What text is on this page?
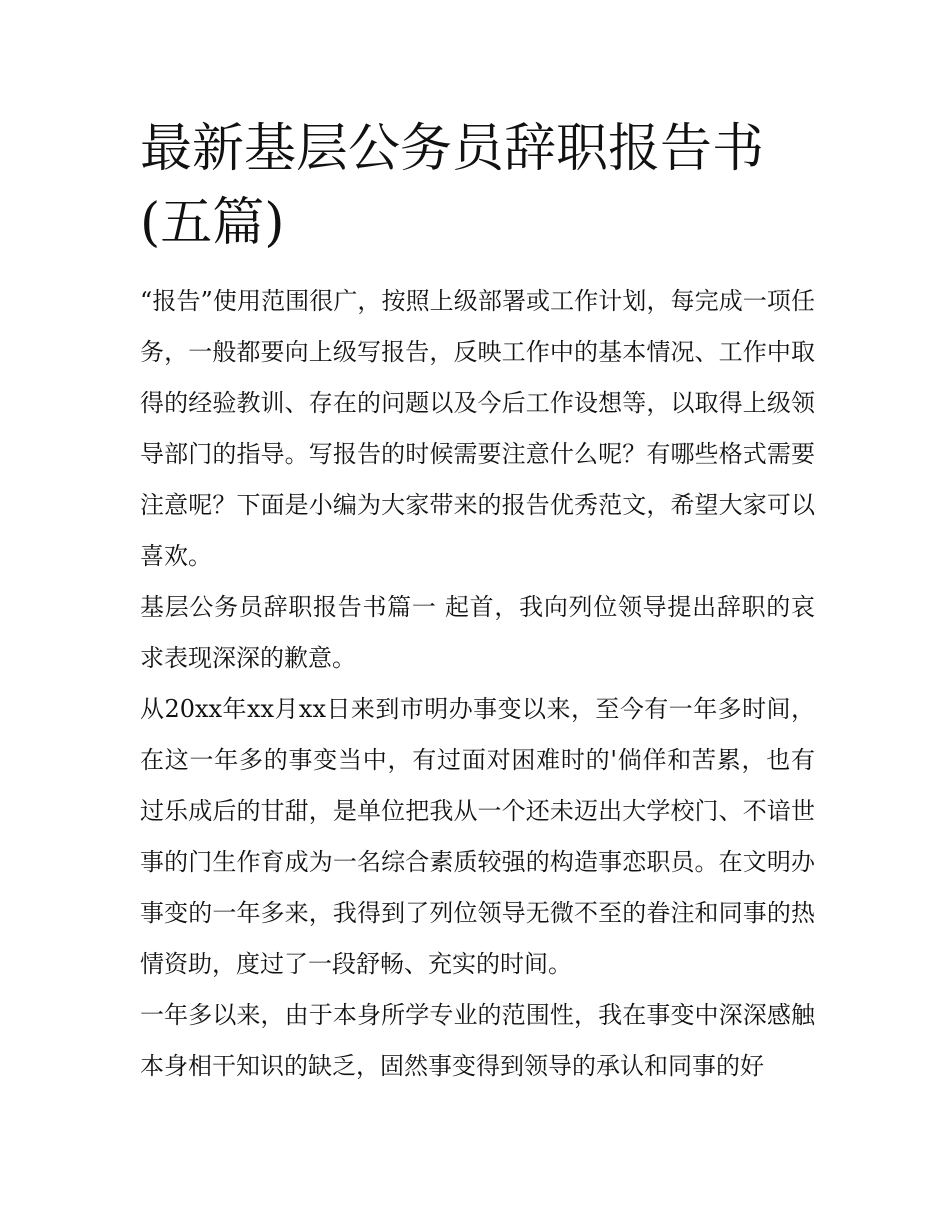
最新基层公务员辞职报告书(五篇)

“报告”使用范围很广，按照上级部署或工作计划，每完成一项任务，一般都要向上级写报告，反映工作中的基本情况、工作中取得的经验教训、存在的问题以及今后工作设想等，以取得上级领导部门的指导。写报告的时候需要注意什么呢？有哪些格式需要注意呢？下面是小编为大家带来的报告优秀范文，希望大家可以喜欢。

基层公务员辞职报告书篇一 起首，我向列位领导提出辞职的哀求表现深深的歉意。

从20xx年xx月xx日来到市明办事变以来，至今有一年多时间，在这一年多的事变当中，有过面对困难时的'倘佯和苦累，也有过乐成后的甘甜，是单位把我从一个还未迈出大学校门、不谙世事的门生作育成为一名综合素质较强的构造事恋职员。在文明办事变的一年多来，我得到了列位领导无微不至的眷注和同事的热情资助，度过了一段舒畅、充实的时间。

一年多以来，由于本身所学专业的范围性，我在事变中深深感触本身相干知识的缺乏，固然事变得到领导的承认和同事的好
